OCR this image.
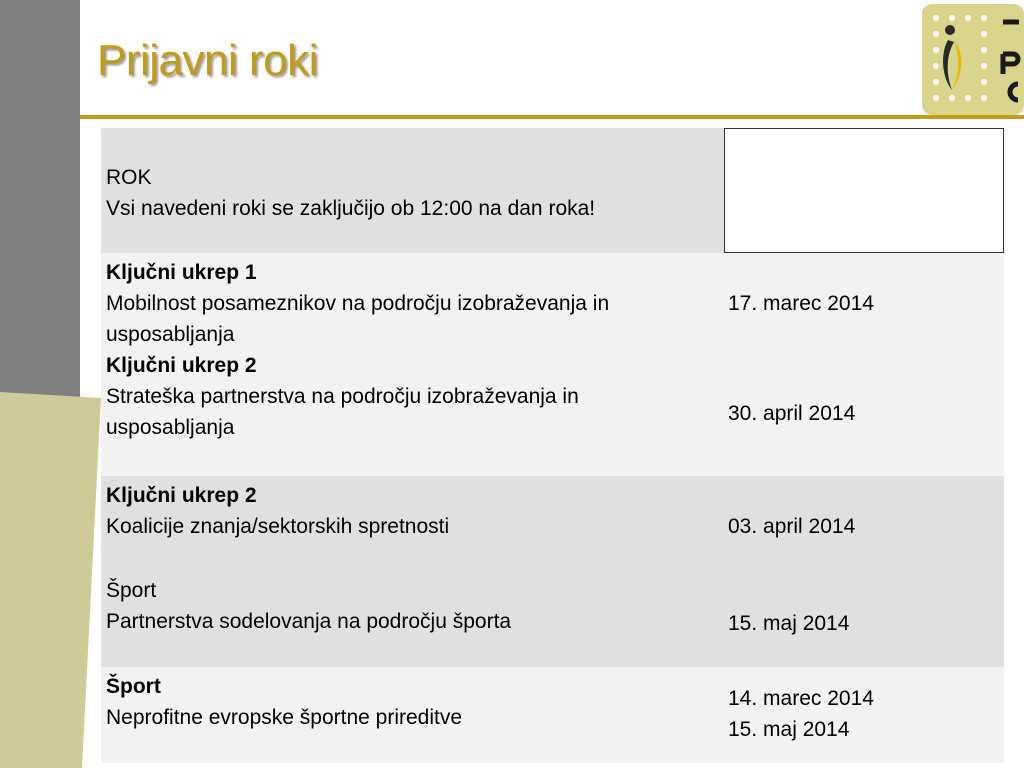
Prijavni roki
ROK
Vsi navedeni roki se zaključijo ob 12:00 na dan roka!
Ključni ukrep 1
Mobilnost posameznikov na področju izobraževanja in
usposabljanja
Ključni ukrep 2
Strateška partnerstva na področju izobraževanja in
usposabljanja
17. marec 2014
30. april 2014
Ključni ukrep 2
Koalicije znanja/sektorskih spretnosti
Šport
Partnerstva sodelovanja na področju športa
03. april 2014
15. maj 2014
Šport
Neprofitne evropske športne prireditve
14. marec 2014
15. maj 2014
